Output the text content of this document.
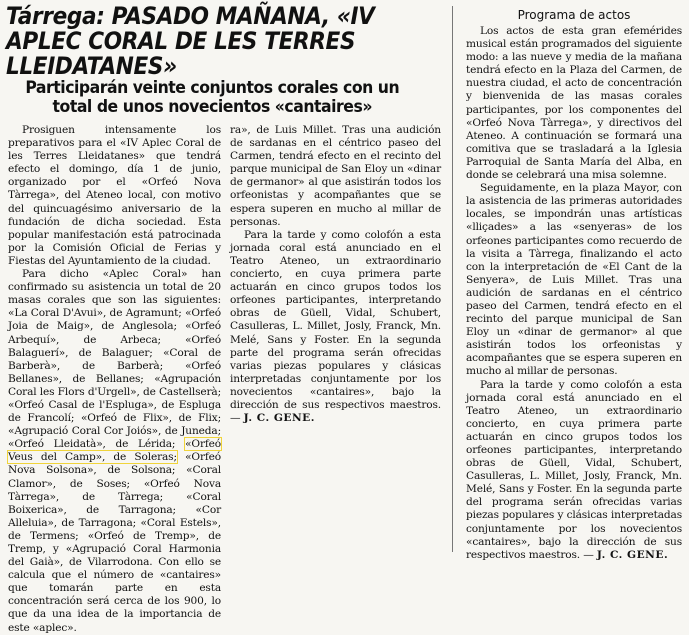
Tárrega: PASADO MAÑANA, «IV APLEC CORAL DE LES TERRES LLEIDATANES»
Participarán veinte conjuntos corales con un total de unos novecientos «cantaires»

Prosiguen intensamente los preparativos para el «IV Aplec Coral de les Terres Lleidatanes» que tendrá efecto el domingo, día 1 de junio, organizado por el «Orfeó Nova Tàrrega», del Ateneo local, con motivo del quincuagésimo aniversario de la fundación de dicha sociedad. Esta popular manifestación está patrocinada por la Comisión Oficial de Ferias y Fiestas del Ayuntamiento de la ciudad.

Para dicho «Aplec Coral» han confirmado su asistencia un total de 20 masas corales que son las siguientes: «La Coral D'Avui», de Agramunt; «Orfeó Joia de Maig», de Anglesola; «Orfeó Arbequí», de Arbeca; «Orfeó Balaguerí», de Balaguer; «Coral de Barberà», de Barberà; «Orfeó Bellanes», de Bellanes; «Agrupación Coral les Flors d'Urgell», de Castellserà; «Orfeó Casal de l'Espluga», de Espluga de Francolí; «Orfeó de Flix», de Flix; «Agrupació Coral Cor Joiós», de Juneda; «Orfeó Lleidatà», de Lérida; «Orfeó Veus del Camp», de Soleras; «Orfeó Nova Solsona», de Solsona; «Coral Clamor», de Soses; «Orfeó Nova Tàrrega», de Tàrrega; «Coral Boixerica», de Tarragona; «Cor Alleluia», de Tarragona; «Coral Estels», de Termens; «Orfeó de Tremp», de Tremp, y «Agrupació Coral Harmonia del Gaià», de Vilarrodona. Con ello se calcula que el número de «cantaires» que tomarán parte en esta concentración será cerca de los 900, lo que da una idea de la importancia de este «aplec».

ra», de Luis Millet. Tras una audición de sardanas en el céntrico paseo del Carmen, tendrá efecto en el recinto del parque municipal de San Eloy un «dinar de germanor» al que asistirán todos los orfeonistas y acompañantes que se espera superen en mucho al millar de personas.

Para la tarde y como colofón a esta jornada coral está anunciado en el Teatro Ateneo, un extraordinario concierto, en cuya primera parte actuarán en cinco grupos todos los orfeones participantes, interpretando obras de Güell, Vidal, Schubert, Casulleras, L. Millet, Josly, Franck, Mn. Melé, Sans y Foster. En la segunda parte del programa serán ofrecidas varias piezas populares y clásicas interpretadas conjuntamente por los novecientos «cantaires», bajo la dirección de sus respectivos maestros. — J. C. GENE.

Programa de actos

Los actos de esta gran efemérides musical están programados del siguiente modo: a las nueve y media de la mañana tendrá efecto en la Plaza del Carmen, de nuestra ciudad, el acto de concentración y bienvenida de las masas corales participantes, por los componentes del «Orfeó Nova Tàrrega», y directivos del Ateneo. A continuación se formará una comitiva que se trasladará a la Iglesia Parroquial de Santa María del Alba, en donde se celebrará una misa solemne.

Seguidamente, en la plaza Mayor, con la asistencia de las primeras autoridades locales, se impondrán unas artísticas «lliçades» a las «senyeras» de los orfeones participantes como recuerdo de la visita a Tàrrega, finalizando el acto con la interpretación de «El Cant de la Senyera», de Luis Millet. Tras una audición de sardanas en el céntrico paseo del Carmen, tendrá efecto en el recinto del parque municipal de San Eloy un «dinar de germanor» al que asistirán todos los orfeonistas y acompañantes que se espera superen en mucho al millar de personas.

Para la tarde y como colofón a esta jornada coral está anunciado en el Teatro Ateneo, un extraordinario concierto, en cuya primera parte actuarán en cinco grupos todos los orfeones participantes, interpretando obras de Güell, Vidal, Schubert, Casulleras, L. Millet, Josly, Franck, Mn. Melé, Sans y Foster. En la segunda parte del programa serán ofrecidas varias piezas populares y clásicas interpretadas conjuntamente por los novecientos «cantaires», bajo la dirección de sus respectivos maestros. — J. C. GENE.
